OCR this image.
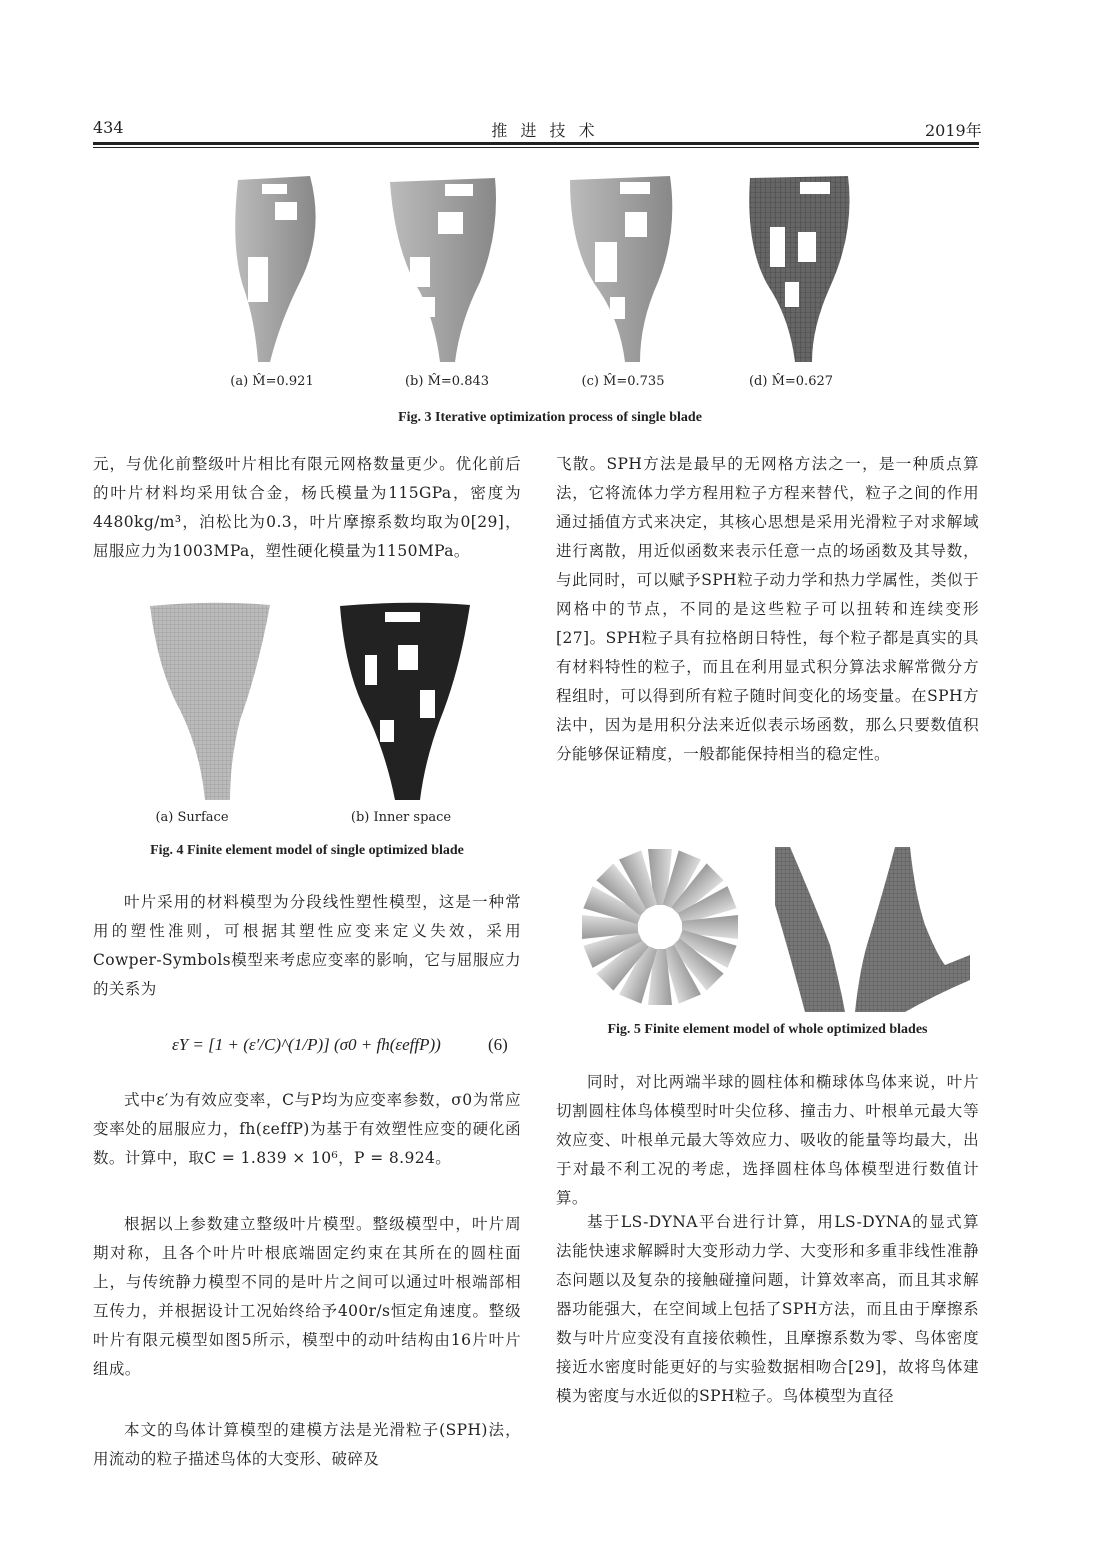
434	推 进 技 术	2019年
(a) M̂=0.921	(b) M̂=0.843	(c) M̂=0.735	(d) M̂=0.627
Fig. 3 Iterative optimization process of single blade

元，与优化前整级叶片相比有限元网格数量更少。优化前后的叶片材料均采用钛合金，杨氏模量为115GPa，密度为4480kg/m³，泊松比为0.3，叶片摩擦系数均取为0[29]，屈服应力为1003MPa，塑性硬化模量为1150MPa。

(a) Surface	(b) Inner space
Fig. 4 Finite element model of single optimized blade

叶片采用的材料模型为分段线性塑性模型，这是一种常用的塑性准则，可根据其塑性应变来定义失效，采用Cowper-Symbols模型来考虑应变率的影响，它与屈服应力的关系为

εY = [1 + (ε′/C)^(1/P)] (σ0 + fh(εeffP))	(6)

式中ε′为有效应变率，C与P均为应变率参数，σ0为常应变率处的屈服应力，fh(εeffP)为基于有效塑性应变的硬化函数。计算中，取C = 1.839 × 10⁶，P = 8.924。

根据以上参数建立整级叶片模型。整级模型中，叶片周期对称，且各个叶片叶根底端固定约束在其所在的圆柱面上，与传统静力模型不同的是叶片之间可以通过叶根端部相互传力，并根据设计工况始终给予400r/s恒定角速度。整级叶片有限元模型如图5所示，模型中的动叶结构由16片叶片组成。

本文的鸟体计算模型的建模方法是光滑粒子(SPH)法，用流动的粒子描述鸟体的大变形、破碎及

飞散。SPH方法是最早的无网格方法之一，是一种质点算法，它将流体力学方程用粒子方程来替代，粒子之间的作用通过插值方式来决定，其核心思想是采用光滑粒子对求解域进行离散，用近似函数来表示任意一点的场函数及其导数，与此同时，可以赋予SPH粒子动力学和热力学属性，类似于网格中的节点，不同的是这些粒子可以扭转和连续变形[27]。SPH粒子具有拉格朗日特性，每个粒子都是真实的具有材料特性的粒子，而且在利用显式积分算法求解常微分方程组时，可以得到所有粒子随时间变化的场变量。在SPH方法中，因为是用积分法来近似表示场函数，那么只要数值积分能够保证精度，一般都能保持相当的稳定性。

Fig. 5 Finite element model of whole optimized blades

同时，对比两端半球的圆柱体和椭球体鸟体来说，叶片切割圆柱体鸟体模型时叶尖位移、撞击力、叶根单元最大等效应变、叶根单元最大等效应力、吸收的能量等均最大，出于对最不利工况的考虑，选择圆柱体鸟体模型进行数值计算。

基于LS-DYNA平台进行计算，用LS-DYNA的显式算法能快速求解瞬时大变形动力学、大变形和多重非线性准静态问题以及复杂的接触碰撞问题，计算效率高，而且其求解器功能强大，在空间域上包括了SPH方法，而且由于摩擦系数与叶片应变没有直接依赖性，且摩擦系数为零、鸟体密度接近水密度时能更好的与实验数据相吻合[29]，故将鸟体建模为密度与水近似的SPH粒子。鸟体模型为直径
